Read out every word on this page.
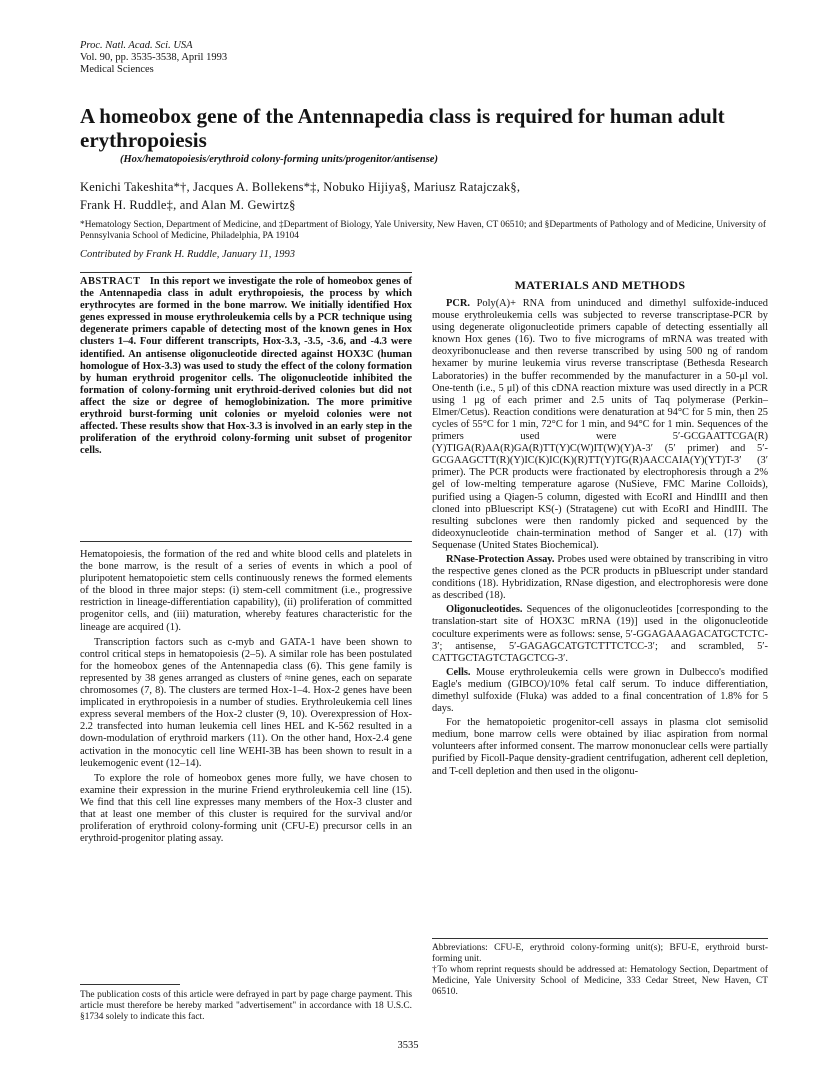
Proc. Natl. Acad. Sci. USA
Vol. 90, pp. 3535-3538, April 1993
Medical Sciences
A homeobox gene of the Antennapedia class is required for human adult erythropoiesis
(Hox/hematopoiesis/erythroid colony-forming units/progenitor/antisense)
Kenichi Takeshita*†, Jacques A. Bollekens*‡, Nobuko Hijiya§, Mariusz Ratajczak§,
Frank H. Ruddle‡, and Alan M. Gewirtz§
*Hematology Section, Department of Medicine, and ‡Department of Biology, Yale University, New Haven, CT 06510; and §Departments of Pathology and of Medicine, University of Pennsylvania School of Medicine, Philadelphia, PA 19104
Contributed by Frank H. Ruddle, January 11, 1993

ABSTRACT In this report we investigate the role of homeobox genes of the Antennapedia class in adult erythropoiesis, the process by which erythrocytes are formed in the bone marrow. We initially identified Hox genes expressed in mouse erythroleukemia cells by a PCR technique using degenerate primers capable of detecting most of the known genes in Hox clusters 1–4. Four different transcripts, Hox-3.3, -3.5, -3.6, and -4.3 were identified. An antisense oligonucleotide directed against HOX3C (human homologue of Hox-3.3) was used to study the effect of the colony formation by human erythroid progenitor cells. The oligonucleotide inhibited the formation of colony-forming unit erythroid-derived colonies but did not affect the size or degree of hemoglobinization. The more primitive erythroid burst-forming unit colonies or myeloid colonies were not affected. These results show that Hox-3.3 is involved in an early step in the proliferation of the erythroid colony-forming unit subset of progenitor cells.

Hematopoiesis, the formation of the red and white blood cells and platelets in the bone marrow, is the result of a series of events in which a pool of pluripotent hematopoietic stem cells continuously renews the formed elements of the blood in three major steps: (i) stem-cell commitment (i.e., progressive restriction in lineage-differentiation capability), (ii) proliferation of committed progenitor cells, and (iii) maturation, whereby features characteristic for the lineage are acquired (1).

Transcription factors such as c-myb and GATA-1 have been shown to control critical steps in hematopoiesis (2–5). A similar role has been postulated for the homeobox genes of the Antennapedia class (6). This gene family is represented by 38 genes arranged as clusters of ≈nine genes, each on separate chromosomes (7, 8). The clusters are termed Hox-1–4. Hox-2 genes have been implicated in erythropoiesis in a number of studies. Erythroleukemia cell lines express several members of the Hox-2 cluster (9, 10). Overexpression of Hox-2.2 transfected into human leukemia cell lines HEL and K-562 resulted in a down-modulation of erythroid markers (11). On the other hand, Hox-2.4 gene activation in the monocytic cell line WEHI-3B has been shown to result in a leukemogenic event (12–14).

To explore the role of homeobox genes more fully, we have chosen to examine their expression in the murine Friend erythroleukemia cell line (15). We find that this cell line expresses many members of the Hox-3 cluster and that at least one member of this cluster is required for the survival and/or proliferation of erythroid colony-forming unit (CFU-E) precursor cells in an erythroid-progenitor plating assay.

The publication costs of this article were defrayed in part by page charge payment. This article must therefore be hereby marked "advertisement" in accordance with 18 U.S.C. §1734 solely to indicate this fact.
MATERIALS AND METHODS

PCR. Poly(A)+ RNA from uninduced and dimethyl sulfoxide-induced mouse erythroleukemia cells was subjected to reverse transcriptase-PCR by using degenerate oligonucleotide primers capable of detecting essentially all known Hox genes (16). Two to five micrograms of mRNA was treated with deoxyribonuclease and then reverse transcribed by using 500 ng of random hexamer by murine leukemia virus reverse transcriptase (Bethesda Research Laboratories) in the buffer recommended by the manufacturer in a 50-μl vol. One-tenth (i.e., 5 μl) of this cDNA reaction mixture was used directly in a PCR using 1 μg of each primer and 2.5 units of Taq polymerase (Perkin–Elmer/Cetus). Reaction conditions were denaturation at 94°C for 5 min, then 25 cycles of 55°C for 1 min, 72°C for 1 min, and 94°C for 1 min. Sequences of the primers used were 5′-GCGAATTCGA(R)(Y)TIGA(R)AA(R)GA(R)TT(Y)C(W)IT(W)(Y)A-3′ (5′ primer) and 5′-GCGAAGCTT(R)(Y)IC(K)IC(K)(R)TT(Y)TG(R)AACCAIA(Y)(YT)T-3′ (3′ primer). The PCR products were fractionated by electrophoresis through a 2% gel of low-melting temperature agarose (NuSieve, FMC Marine Colloids), purified using a Qiagen-5 column, digested with EcoRI and HindIII and then cloned into pBluescript KS(-) (Stratagene) cut with EcoRI and HindIII. The resulting subclones were then randomly picked and sequenced by the dideoxynucleotide chain-termination method of Sanger et al. (17) with Sequenase (United States Biochemical).

RNase-Protection Assay. Probes used were obtained by transcribing in vitro the respective genes cloned as the PCR products in pBluescript under standard conditions (18). Hybridization, RNase digestion, and electrophoresis were done as described (18).

Oligonucleotides. Sequences of the oligonucleotides [corresponding to the translation-start site of HOX3C mRNA (19)] used in the oligonucleotide coculture experiments were as follows: sense, 5′-GGAGAAAGACATGCTCTC-3′; antisense, 5′-GAGAGCATGTCTTTCTCC-3′; and scrambled, 5′-CATTGCTAGTCTAGCTCG-3′.

Cells. Mouse erythroleukemia cells were grown in Dulbecco's modified Eagle's medium (GIBCO)/10% fetal calf serum. To induce differentiation, dimethyl sulfoxide (Fluka) was added to a final concentration of 1.8% for 5 days.

For the hematopoietic progenitor-cell assays in plasma clot semisolid medium, bone marrow cells were obtained by iliac aspiration from normal volunteers after informed consent. The marrow mononuclear cells were partially purified by Ficoll-Paque density-gradient centrifugation, adherent cell depletion, and T-cell depletion and then used in the oligonu-

Abbreviations: CFU-E, erythroid colony-forming unit(s); BFU-E, erythroid burst-forming unit.

†To whom reprint requests should be addressed at: Hematology Section, Department of Medicine, Yale University School of Medicine, 333 Cedar Street, New Haven, CT 06510.

3535
